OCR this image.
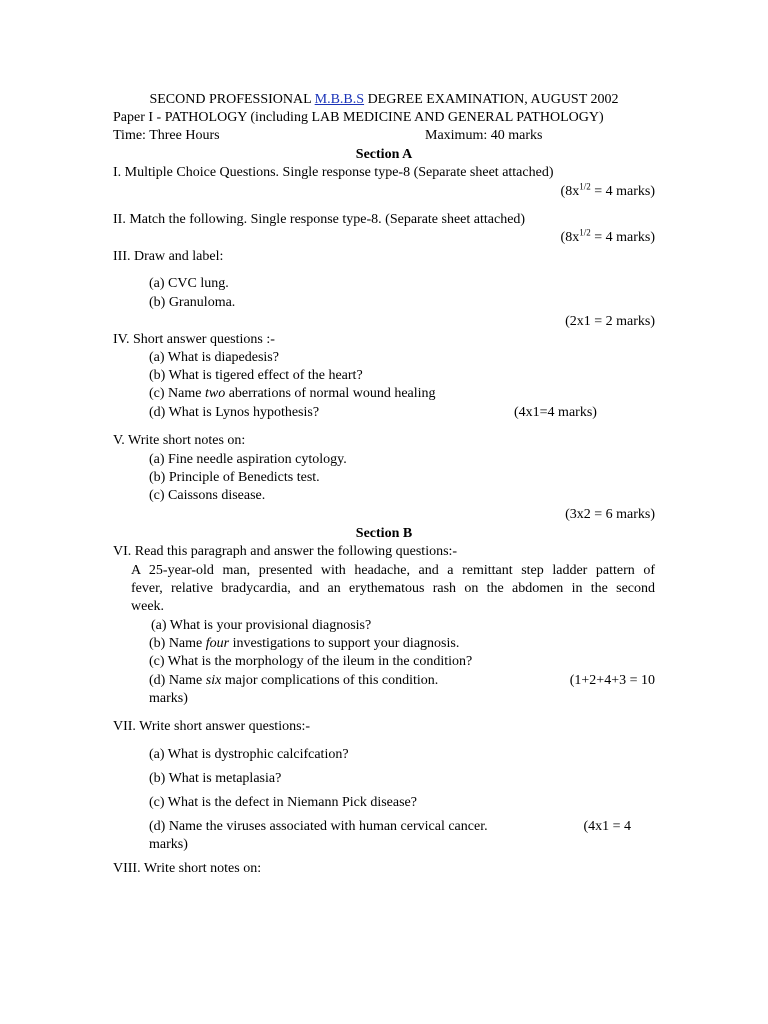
SECOND PROFESSIONAL M.B.B.S DEGREE EXAMINATION, AUGUST 2002
Paper I - PATHOLOGY (including LAB MEDICINE AND GENERAL PATHOLOGY)
Time: Three Hours	Maximum: 40 marks
Section A
I. Multiple Choice Questions. Single response type-8 (Separate sheet attached)
($8x^{1/2} = 4$ marks)
II. Match the following. Single response type-8. (Separate sheet attached)
($8x^{1/2} = 4$ marks)
III. Draw and label:
(a) CVC lung.
(b) Granuloma.
(2x1 = 2 marks)
IV. Short answer questions :-
(a) What is diapedesis?
(b) What is tigered effect of the heart?
(c) Name two aberrations of normal wound healing
(d) What is Lynos hypothesis?	(4x1=4 marks)
V. Write short notes on:
(a) Fine needle aspiration cytology.
(b) Principle of Benedicts test.
(c) Caissons disease.
(3x2 = 6 marks)
Section B
VI. Read this paragraph and answer the following questions:-
A 25-year-old man, presented with headache, and a remittant step ladder pattern of
fever, relative bradycardia, and an erythematous rash on the abdomen in the second
week.
(a) What is your provisional diagnosis?
(b) Name four investigations to support your diagnosis.
(c) What is the morphology of the ileum in the condition?
(d) Name six major complications of this condition.	(1+2+4+3 = 10
marks)
VII. Write short answer questions:-
(a) What is dystrophic calcifcation?
(b) What is metaplasia?
(c) What is the defect in Niemann Pick disease?
(d) Name the viruses associated with human cervical cancer.	(4x1 = 4
marks)
VIII. Write short notes on:
